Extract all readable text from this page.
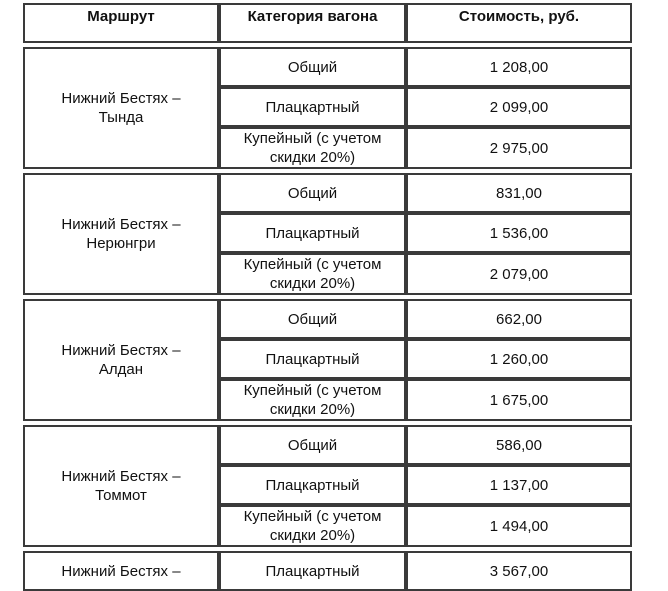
Маршрут	Категория вагона	Стоимость, руб.

Нижний Бестях –
Тында	Общий	1 208,00
	Плацкартный	2 099,00
	Купейный (с учетом
скидки 20%)	2 975,00

Нижний Бестях –
Нерюнгри	Общий	831,00
	Плацкартный	1 536,00
	Купейный (с учетом
скидки 20%)	2 079,00

Нижний Бестях –
Алдан	Общий	662,00
	Плацкартный	1 260,00
	Купейный (с учетом
скидки 20%)	1 675,00

Нижний Бестях –
Томмот	Общий	586,00
	Плацкартный	1 137,00
	Купейный (с учетом
скидки 20%)	1 494,00

Нижний Бестях –	Плацкартный	3 567,00
